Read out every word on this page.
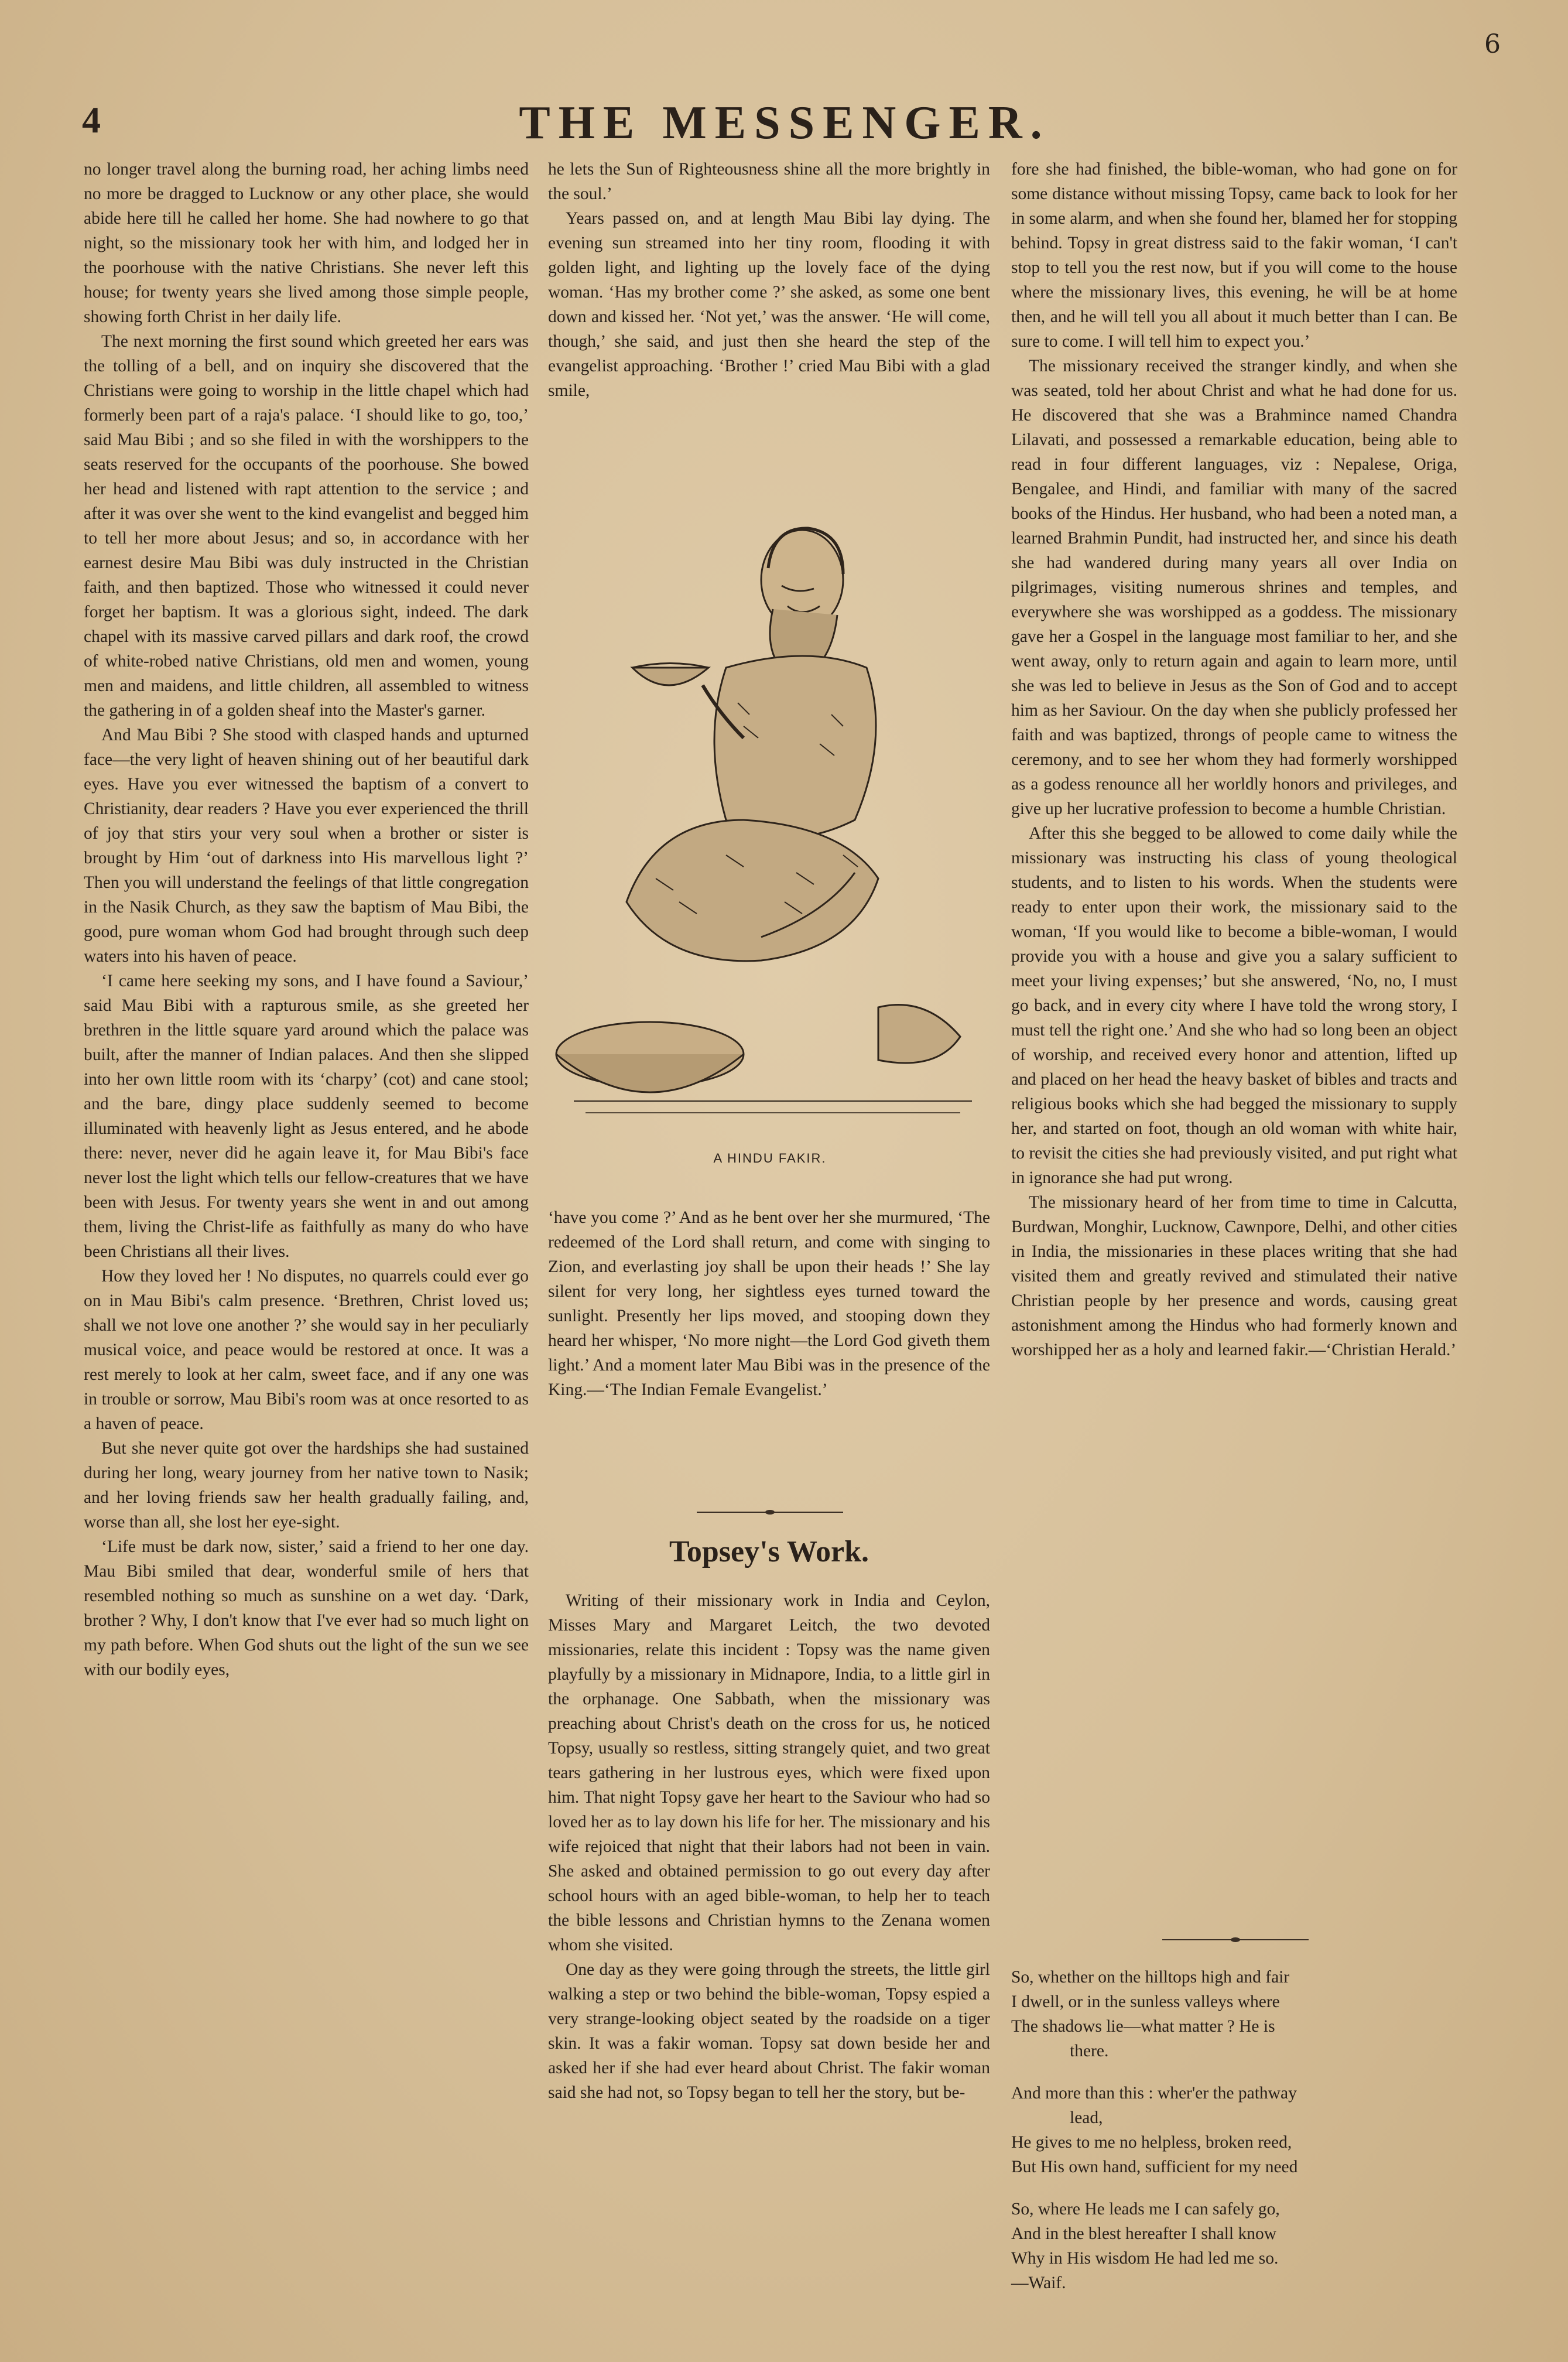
6
4	THE MESSENGER.

no longer travel along the burning road, her aching limbs need no more be dragged to Lucknow or any other place, she would abide here till he called her home. She had nowhere to go that night, so the missionary took her with him, and lodged her in the poorhouse with the native Christians. She never left this house; for twenty years she lived among those simple people, showing forth Christ in her daily life.

The next morning the first sound which greeted her ears was the tolling of a bell, and on inquiry she discovered that the Christians were going to worship in the little chapel which had formerly been part of a raja's palace. ‘I should like to go, too,’ said Mau Bibi ; and so she filed in with the worshippers to the seats reserved for the occupants of the poorhouse. She bowed her head and listened with rapt attention to the service ; and after it was over she went to the kind evangelist and begged him to tell her more about Jesus; and so, in accordance with her earnest desire Mau Bibi was duly instructed in the Christian faith, and then baptized. Those who witnessed it could never forget her baptism. It was a glorious sight, indeed. The dark chapel with its massive carved pillars and dark roof, the crowd of white-robed native Christians, old men and women, young men and maidens, and little children, all assembled to witness the gathering in of a golden sheaf into the Master's garner.

And Mau Bibi ? She stood with clasped hands and upturned face—the very light of heaven shining out of her beautiful dark eyes. Have you ever witnessed the baptism of a convert to Christianity, dear readers ? Have you ever experienced the thrill of joy that stirs your very soul when a brother or sister is brought by Him ‘out of darkness into His marvellous light ?’ Then you will understand the feelings of that little congregation in the Nasik Church, as they saw the baptism of Mau Bibi, the good, pure woman whom God had brought through such deep waters into his haven of peace.

‘I came here seeking my sons, and I have found a Saviour,’ said Mau Bibi with a rapturous smile, as she greeted her brethren in the little square yard around which the palace was built, after the manner of Indian palaces. And then she slipped into her own little room with its ‘charpy’ (cot) and cane stool; and the bare, dingy place suddenly seemed to become illuminated with heavenly light as Jesus entered, and he abode there: never, never did he again leave it, for Mau Bibi's face never lost the light which tells our fellow-creatures that we have been with Jesus. For twenty years she went in and out among them, living the Christ-life as faithfully as many do who have been Christians all their lives.

How they loved her ! No disputes, no quarrels could ever go on in Mau Bibi's calm presence. ‘Brethren, Christ loved us; shall we not love one another ?’ she would say in her peculiarly musical voice, and peace would be restored at once. It was a rest merely to look at her calm, sweet face, and if any one was in trouble or sorrow, Mau Bibi's room was at once resorted to as a haven of peace.

But she never quite got over the hardships she had sustained during her long, weary journey from her native town to Nasik; and her loving friends saw her health gradually failing, and, worse than all, she lost her eye-sight.

‘Life must be dark now, sister,’ said a friend to her one day. Mau Bibi smiled that dear, wonderful smile of hers that resembled nothing so much as sunshine on a wet day. ‘Dark, brother ? Why, I don't know that I've ever had so much light on my path before. When God shuts out the light of the sun we see with our bodily eyes,

he lets the Sun of Righteousness shine all the more brightly in the soul.’

Years passed on, and at length Mau Bibi lay dying. The evening sun streamed into her tiny room, flooding it with golden light, and lighting up the lovely face of the dying woman. ‘Has my brother come ?’ she asked, as some one bent down and kissed her. ‘Not yet,’ was the answer. ‘He will come, though,’ she said, and just then she heard the step of the evangelist approaching. ‘Brother !’ cried Mau Bibi with a glad smile,

A HINDU FAKIR.

‘have you come ?’ And as he bent over her she murmured, ‘The redeemed of the Lord shall return, and come with singing to Zion, and everlasting joy shall be upon their heads !’ She lay silent for very long, her sightless eyes turned toward the sunlight. Presently her lips moved, and stooping down they heard her whisper, ‘No more night—the Lord God giveth them light.’ And a moment later Mau Bibi was in the presence of the King.—‘The Indian Female Evangelist.’

Topsey's Work.

Writing of their missionary work in India and Ceylon, Misses Mary and Margaret Leitch, the two devoted missionaries, relate this incident : Topsy was the name given playfully by a missionary in Midnapore, India, to a little girl in the orphanage. One Sabbath, when the missionary was preaching about Christ's death on the cross for us, he noticed Topsy, usually so restless, sitting strangely quiet, and two great tears gathering in her lustrous eyes, which were fixed upon him. That night Topsy gave her heart to the Saviour who had so loved her as to lay down his life for her. The missionary and his wife rejoiced that night that their labors had not been in vain. She asked and obtained permission to go out every day after school hours with an aged bible-woman, to help her to teach the bible lessons and Christian hymns to the Zenana women whom she visited.

One day as they were going through the streets, the little girl walking a step or two behind the bible-woman, Topsy espied a very strange-looking object seated by the roadside on a tiger skin. It was a fakir woman. Topsy sat down beside her and asked her if she had ever heard about Christ. The fakir woman said she had not, so Topsy began to tell her the story, but be-

fore she had finished, the bible-woman, who had gone on for some distance without missing Topsy, came back to look for her in some alarm, and when she found her, blamed her for stopping behind. Topsy in great distress said to the fakir woman, ‘I can't stop to tell you the rest now, but if you will come to the house where the missionary lives, this evening, he will be at home then, and he will tell you all about it much better than I can. Be sure to come. I will tell him to expect you.’

The missionary received the stranger kindly, and when she was seated, told her about Christ and what he had done for us. He discovered that she was a Brahmince named Chandra Lilavati, and possessed a remarkable education, being able to read in four different languages, viz : Nepalese, Origa, Bengalee, and Hindi, and familiar with many of the sacred books of the Hindus. Her husband, who had been a noted man, a learned Brahmin Pundit, had instructed her, and since his death she had wandered during many years all over India on pilgrimages, visiting numerous shrines and temples, and everywhere she was worshipped as a goddess. The missionary gave her a Gospel in the language most familiar to her, and she went away, only to return again and again to learn more, until she was led to believe in Jesus as the Son of God and to accept him as her Saviour. On the day when she publicly professed her faith and was baptized, throngs of people came to witness the ceremony, and to see her whom they had formerly worshipped as a godess renounce all her worldly honors and privileges, and give up her lucrative profession to become a humble Christian.

After this she begged to be allowed to come daily while the missionary was instructing his class of young theological students, and to listen to his words. When the students were ready to enter upon their work, the missionary said to the woman, ‘If you would like to become a bible-woman, I would provide you with a house and give you a salary sufficient to meet your living expenses;’ but she answered, ‘No, no, I must go back, and in every city where I have told the wrong story, I must tell the right one.’ And she who had so long been an object of worship, and received every honor and attention, lifted up and placed on her head the heavy basket of bibles and tracts and religious books which she had begged the missionary to supply her, and started on foot, though an old woman with white hair, to revisit the cities she had previously visited, and put right what in ignorance she had put wrong.

The missionary heard of her from time to time in Calcutta, Burdwan, Monghir, Lucknow, Cawnpore, Delhi, and other cities in India, the missionaries in these places writing that she had visited them and greatly revived and stimulated their native Christian people by her presence and words, causing great astonishment among the Hindus who had formerly known and worshipped her as a holy and learned fakir.—‘Christian Herald.’

So, whether on the hilltops high and fair
I dwell, or in the sunless valleys where
The shadows lie—what matter ? He is
there.
And more than this : wher'er the pathway
lead,
He gives to me no helpless, broken reed,
But His own hand, sufficient for my need
So, where He leads me I can safely go,
And in the blest hereafter I shall know
Why in His wisdom He had led me so.
—Waif.
